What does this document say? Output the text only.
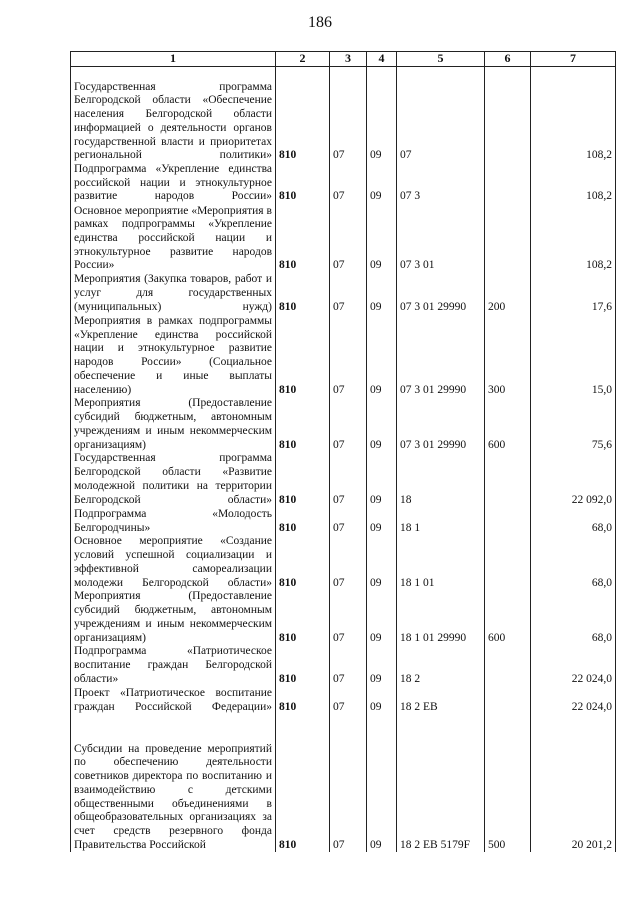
186
1	2	3	4	5	6	7
Государственная программа Белгородской области «Обеспечение населения Белгородской области информацией о деятельности органов государственной власти и приоритетах региональной политики»	810	07	09	07		108,2
Подпрограмма «Укрепление единства российской нации и этнокультурное развитие народов России»	810	07	09	07 3		108,2
Основное мероприятие «Мероприятия в рамках подпрограммы «Укрепление единства российской нации и этнокультурное развитие народов России»	810	07	09	07 3 01		108,2
Мероприятия (Закупка товаров, работ и услуг для государственных (муниципальных) нужд)	810	07	09	07 3 01 29990	200	17,6
Мероприятия в рамках подпрограммы «Укрепление единства российской нации и этнокультурное развитие народов России» (Социальное обеспечение и иные выплаты населению)	810	07	09	07 3 01 29990	300	15,0
Мероприятия (Предоставление субсидий бюджетным, автономным учреждениям и иным некоммерческим организациям)	810	07	09	07 3 01 29990	600	75,6
Государственная программа Белгородской области «Развитие молодежной политики на территории Белгородской области»	810	07	09	18		22 092,0
Подпрограмма «Молодость Белгородчины»	810	07	09	18 1		68,0
Основное мероприятие «Создание условий успешной социализации и эффективной самореализации молодежи Белгородской области»	810	07	09	18 1 01		68,0
Мероприятия (Предоставление субсидий бюджетным, автономным учреждениям и иным некоммерческим организациям)	810	07	09	18 1 01 29990	600	68,0
Подпрограмма «Патриотическое воспитание граждан Белгородской области»	810	07	09	18 2		22 024,0
Проект «Патриотическое воспитание граждан Российской Федерации»	810	07	09	18 2 EB		22 024,0
Субсидии на проведение мероприятий по обеспечению деятельности советников директора по воспитанию и взаимодействию с детскими общественными объединениями в общеобразовательных организациях за счет средств резервного фонда Правительства Российской	810	07	09	18 2 EB 5179F	500	20 201,2
